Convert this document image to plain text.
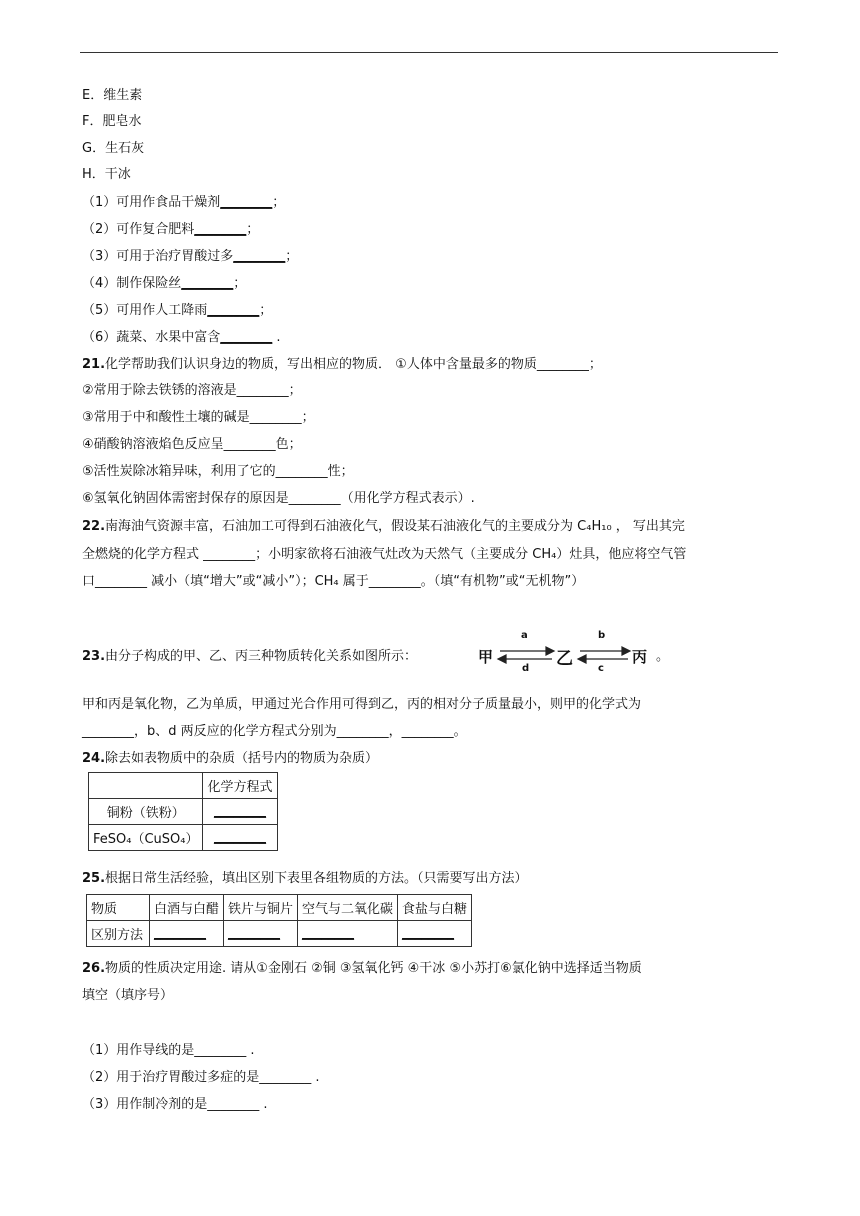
E．维生素
F．肥皂水
G．生石灰
H．干冰
（1）可用作食品干燥剂________；
（2）可作复合肥料________；
（3）可用于治疗胃酸过多________；
（4）制作保险丝________；
（5）可用作人工降雨________；
（6）蔬菜、水果中富含________ .
21.化学帮助我们认识身边的物质，写出相应的物质． ①人体中含量最多的物质________；
②常用于除去铁锈的溶液是________；
③常用于中和酸性土壤的碱是________；
④硝酸钠溶液焰色反应呈________色；
⑤活性炭除冰箱异味，利用了它的________性；
⑥氢氧化钠固体需密封保存的原因是________（用化学方程式表示）.
22.南海油气资源丰富，石油加工可得到石油液化气，假设某石油液化气的主要成分为 C₄H₁₀ ， 写出其完
全燃烧的化学方程式 ________；小明家欲将石油液气灶改为天然气（主要成分 CH₄）灶具，他应将空气管
口________ 减小（填“增大”或“减小”）；CH₄ 属于________。（填“有机物”或“无机物”）
23.由分子构成的甲、乙、丙三种物质转化关系如图所示：	甲	乙	丙
a
d
b
c
。
甲和丙是氧化物，乙为单质，甲通过光合作用可得到乙，丙的相对分子质量最小，则甲的化学式为
________，b、d 两反应的化学方程式分别为________，________。
24.除去如表物质中的杂质（括号内的物质为杂质）
	化学方程式
铜粉（铁粉）	________
FeSO₄（CuSO₄）	________
25.根据日常生活经验，填出区别下表里各组物质的方法。（只需要写出方法）
物质	白酒与白醋	铁片与铜片	空气与二氧化碳	食盐与白糖
区别方法	________	________	________	________
26.物质的性质决定用途. 请从①金刚石 ②铜 ③氢氧化钙 ④干冰 ⑤小苏打⑥氯化钠中选择适当物质
填空（填序号）
（1）用作导线的是________ .
（2）用于治疗胃酸过多症的是________ .
（3）用作制冷剂的是________ .
